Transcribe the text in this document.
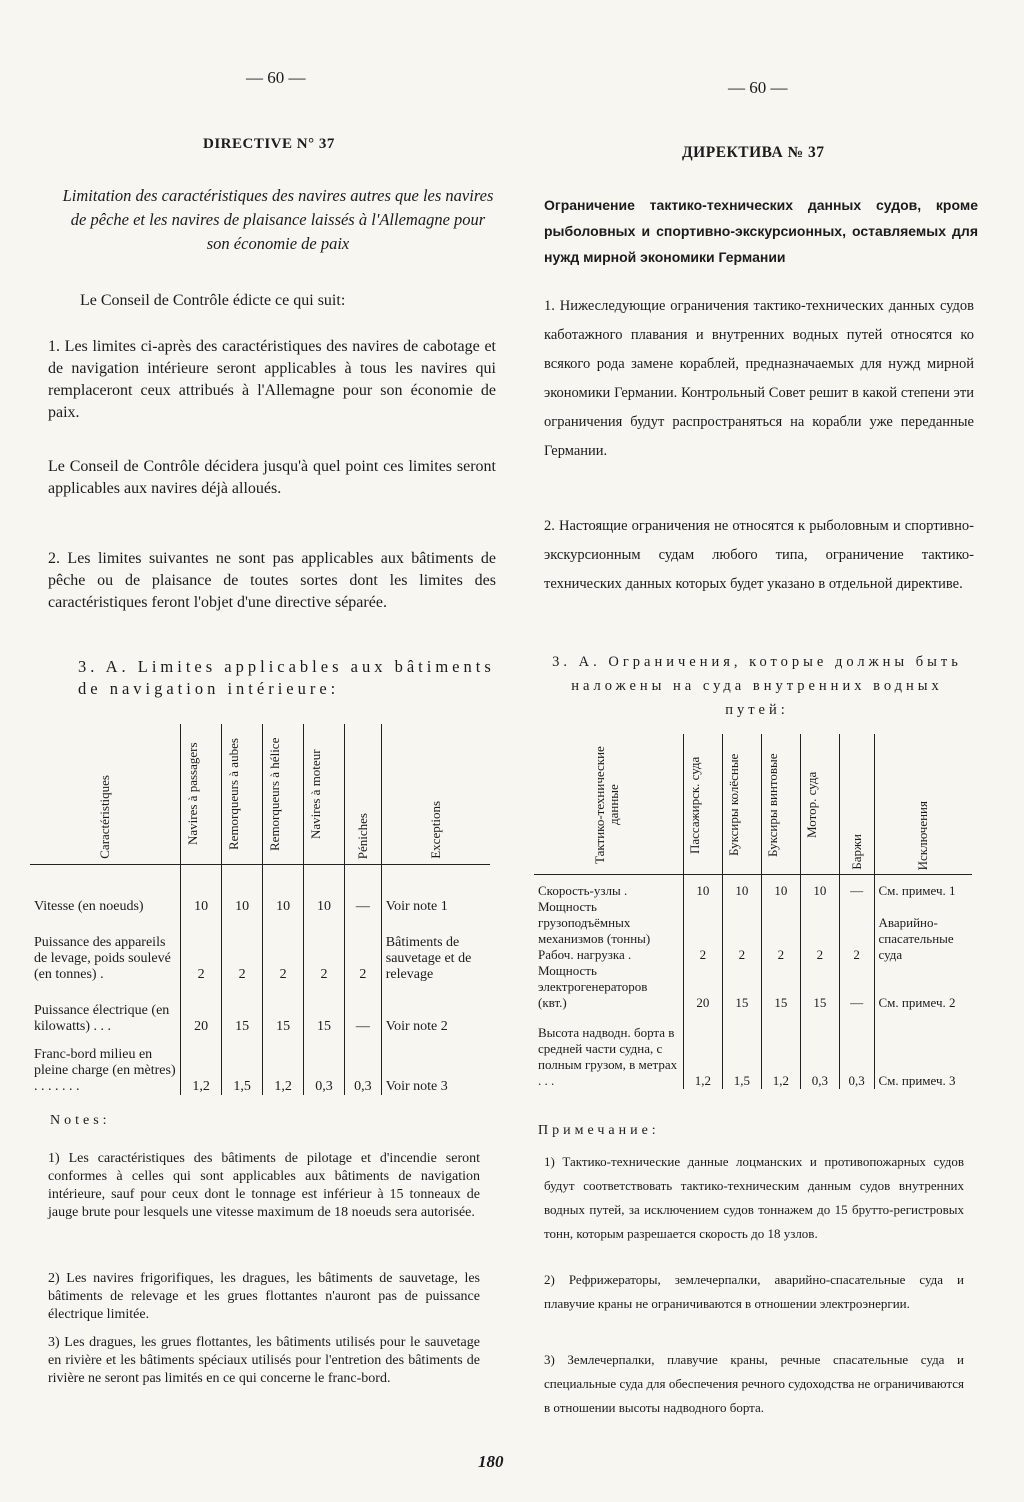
— 60 —
DIRECTIVE N° 37
Limitation des caractéristiques des navires autres que les navires de pêche et les navires de plaisance laissés à l'Allemagne pour son économie de paix
Le Conseil de Contrôle édicte ce qui suit:
1. Les limites ci-après des caractéristiques des navires de cabotage et de navigation intérieure seront applicables à tous les navires qui remplaceront ceux attribués à l'Allemagne pour son économie de paix.
Le Conseil de Contrôle décidera jusqu'à quel point ces limites seront applicables aux navires déjà alloués.
2. Les limites suivantes ne sont pas applicables aux bâtiments de pêche ou de plaisance de toutes sortes dont les limites des caractéristiques feront l'objet d'une directive séparée.
3. A. Limites applicables aux bâtiments de navigation intérieure:
Caractéristiques	Navires à passagers	Remorqueurs à aubes	Remorqueurs à hélice	Navires à moteur	Péniches	Exceptions
Vitesse (en noeuds)	10	10	10	10	—	Voir note 1
Puissance des appareils de levage, poids soulevé (en tonnes) .	2	2	2	2	2	Bâtiments de sauvetage et de relevage
Puissance électrique (en kilowatts) . . .	20	15	15	15	—	Voir note 2
Franc-bord milieu en pleine charge (en mètres) . . . . . . .	1,2	1,5	1,2	0,3	0,3	Voir note 3
Notes:
1) Les caractéristiques des bâtiments de pilotage et d'incendie seront conformes à celles qui sont applicables aux bâtiments de navigation intérieure, sauf pour ceux dont le tonnage est inférieur à 15 tonneaux de jauge brute pour lesquels une vitesse maximum de 18 noeuds sera autorisée.
2) Les navires frigorifiques, les dragues, les bâtiments de sauvetage, les bâtiments de relevage et les grues flottantes n'auront pas de puissance électrique limitée.
3) Les dragues, les grues flottantes, les bâtiments utilisés pour le sauvetage en rivière et les bâtiments spéciaux utilisés pour l'entretion des bâtiments de rivière ne seront pas limités en ce qui concerne le franc-bord.
— 60 —
ДИРЕКТИВА № 37
Ограничение тактико-технических данных судов, кроме рыболовных и спортивно-экскурсионных, оставляемых для нужд мирной экономики Германии
1. Нижеследующие ограничения тактико-технических данных судов каботажного плавания и внутренних водных путей относятся ко всякого рода замене кораблей, предназначаемых для нужд мирной экономики Германии. Контрольный Совет решит в какой степени эти ограничения будут распространяться на корабли уже переданные Германии.
2. Настоящие ограничения не относятся к рыболовным и спортивно-экскурсионным судам любого типа, ограничение тактико-технических данных которых будет указано в отдельной директиве.
3. А. Ограничения, которые должны быть наложены на суда внутренних водных путей:
Тактико-технические данные	Пассажирск. суда	Буксиры колёсные	Буксиры винтовые	Мотор. суда	Баржи	Исключения
Скорость-узлы .	10	10	10	10	—	См. примеч. 1
Мощность грузоподъёмных механизмов (тонны) Рабоч. нагрузка .	2	2	2	2	2	Аварийно-спасательные суда
Мощность электрогенераторов (квт.)	20	15	15	15	—	См. примеч. 2
Высота надводн. борта в средней части судна, с полным грузом, в метрах . . .	1,2	1,5	1,2	0,3	0,3	См. примеч. 3
Примечание:
1) Тактико-технические данные лоцманских и противопожарных судов будут соответствовать тактико-техническим данным судов внутренних водных путей, за исключением судов тоннажем до 15 брутто-регистровых тонн, которым разрешается скорость до 18 узлов.
2) Рефрижераторы, землечерпалки, аварийно-спасательные суда и плавучие краны не ограничиваются в отношении электроэнергии.
3) Землечерпалки, плавучие краны, речные спасательные суда и специальные суда для обеспечения речного судоходства не ограничиваются в отношении высоты надводного борта.
180
